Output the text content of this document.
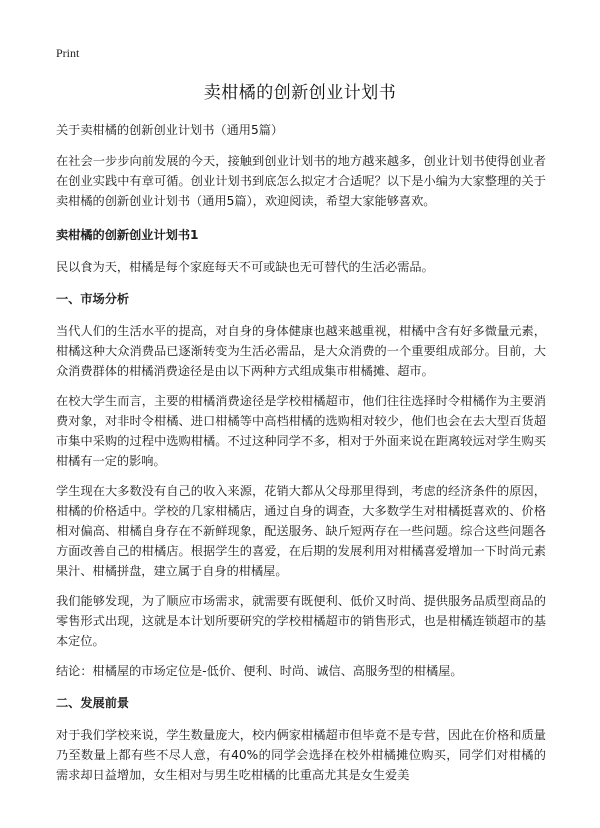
Print
卖柑橘的创新创业计划书

关于卖柑橘的创新创业计划书（通用5篇）

在社会一步步向前发展的今天，接触到创业计划书的地方越来越多，创业计划书使得创业者在创业实践中有章可循。创业计划书到底怎么拟定才合适呢？以下是小编为大家整理的关于卖柑橘的创新创业计划书（通用5篇），欢迎阅读，希望大家能够喜欢。

卖柑橘的创新创业计划书1

民以食为天，柑橘是每个家庭每天不可或缺也无可替代的生活必需品。

一、市场分析

当代人们的生活水平的提高，对自身的身体健康也越来越重视，柑橘中含有好多微量元素，柑橘这种大众消费品已逐渐转变为生活必需品，是大众消费的一个重要组成部分。目前，大众消费群体的柑橘消费途径是由以下两种方式组成集市柑橘摊、超市。

在校大学生而言，主要的柑橘消费途径是学校柑橘超市，他们往往选择时令柑橘作为主要消费对象，对非时令柑橘、进口柑橘等中高档柑橘的选购相对较少，他们也会在去大型百货超市集中采购的过程中选购柑橘。不过这种同学不多，相对于外面来说在距离较远对学生购买柑橘有一定的影响。

学生现在大多数没有自己的收入来源，花销大都从父母那里得到，考虑的经济条件的原因，柑橘的价格适中。学校的几家柑橘店，通过自身的调查，大多数学生对柑橘挺喜欢的、价格相对偏高、柑橘自身存在不新鲜现象，配送服务、缺斤短两存在一些问题。综合这些问题各方面改善自己的柑橘店。根据学生的喜爱，在后期的发展利用对柑橘喜爱增加一下时尚元素果汁、柑橘拼盘，建立属于自身的柑橘屋。

我们能够发现，为了顺应市场需求，就需要有既便利、低价又时尚、提供服务品质型商品的零售形式出现，这就是本计划所要研究的学校柑橘超市的销售形式，也是柑橘连锁超市的基本定位。

结论：柑橘屋的市场定位是-低价、便利、时尚、诚信、高服务型的柑橘屋。

二、发展前景

对于我们学校来说，学生数量庞大，校内俩家柑橘超市但毕竟不是专营，因此在价格和质量乃至数量上都有些不尽人意，有40%的同学会选择在校外柑橘摊位购买，同学们对柑橘的需求却日益增加，女生相对与男生吃柑橘的比重高尤其是女生爱美
